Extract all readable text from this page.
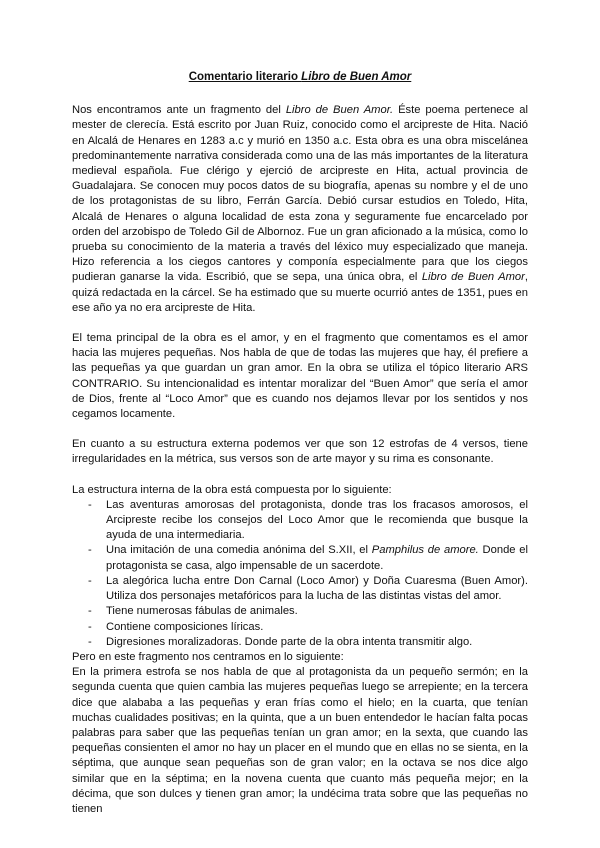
Comentario literario Libro de Buen Amor

Nos encontramos ante un fragmento del Libro de Buen Amor. Éste poema pertenece al mester de clerecía. Está escrito por Juan Ruiz, conocido como el arcipreste de Hita. Nació en Alcalá de Henares en 1283 a.c y murió en 1350 a.c. Esta obra es una obra miscelánea predominantemente narrativa considerada como una de las más importantes de la literatura medieval española. Fue clérigo y ejerció de arcipreste en Hita, actual provincia de Guadalajara. Se conocen muy pocos datos de su biografía, apenas su nombre y el de uno de los protagonistas de su libro, Ferrán García. Debió cursar estudios en Toledo, Hita, Alcalá de Henares o alguna localidad de esta zona y seguramente fue encarcelado por orden del arzobispo de Toledo Gil de Albornoz. Fue un gran aficionado a la música, como lo prueba su conocimiento de la materia a través del léxico muy especializado que maneja. Hizo referencia a los ciegos cantores y componía especialmente para que los ciegos pudieran ganarse la vida. Escribió, que se sepa, una única obra, el Libro de Buen Amor, quizá redactada en la cárcel. Se ha estimado que su muerte ocurrió antes de 1351, pues en ese año ya no era arcipreste de Hita.

El tema principal de la obra es el amor, y en el fragmento que comentamos es el amor hacia las mujeres pequeñas. Nos habla de que de todas las mujeres que hay, él prefiere a las pequeñas ya que guardan un gran amor. En la obra se utiliza el tópico literario ARS CONTRARIO. Su intencionalidad es intentar moralizar del “Buen Amor” que sería el amor de Dios, frente al “Loco Amor” que es cuando nos dejamos llevar por los sentidos y nos cegamos locamente.

En cuanto a su estructura externa podemos ver que son 12 estrofas de 4 versos, tiene irregularidades en la métrica, sus versos son de arte mayor y su rima es consonante.

La estructura interna de la obra está compuesta por lo siguiente:

- Las aventuras amorosas del protagonista, donde tras los fracasos amorosos, el Arcipreste recibe los consejos del Loco Amor que le recomienda que busque la ayuda de una intermediaria.
- Una imitación de una comedia anónima del S.XII, el Pamphilus de amore. Donde el protagonista se casa, algo impensable de un sacerdote.
- La alegórica lucha entre Don Carnal (Loco Amor) y Doña Cuaresma (Buen Amor). Utiliza dos personajes metafóricos para la lucha de las distintas vistas del amor.
- Tiene numerosas fábulas de animales.
- Contiene composiciones líricas.
- Digresiones moralizadoras. Donde parte de la obra intenta transmitir algo.

Pero en este fragmento nos centramos en lo siguiente:

En la primera estrofa se nos habla de que al protagonista da un pequeño sermón; en la segunda cuenta que quien cambia las mujeres pequeñas luego se arrepiente; en la tercera dice que alababa a las pequeñas y eran frías como el hielo; en la cuarta, que tenían muchas cualidades positivas; en la quinta, que a un buen entendedor le hacían falta pocas palabras para saber que las pequeñas tenían un gran amor; en la sexta, que cuando las pequeñas consienten el amor no hay un placer en el mundo que en ellas no se sienta, en la séptima, que aunque sean pequeñas son de gran valor; en la octava se nos dice algo similar que en la séptima; en la novena cuenta que cuanto más pequeña mejor; en la décima, que son dulces y tienen gran amor; la undécima trata sobre que las pequeñas no tienen
